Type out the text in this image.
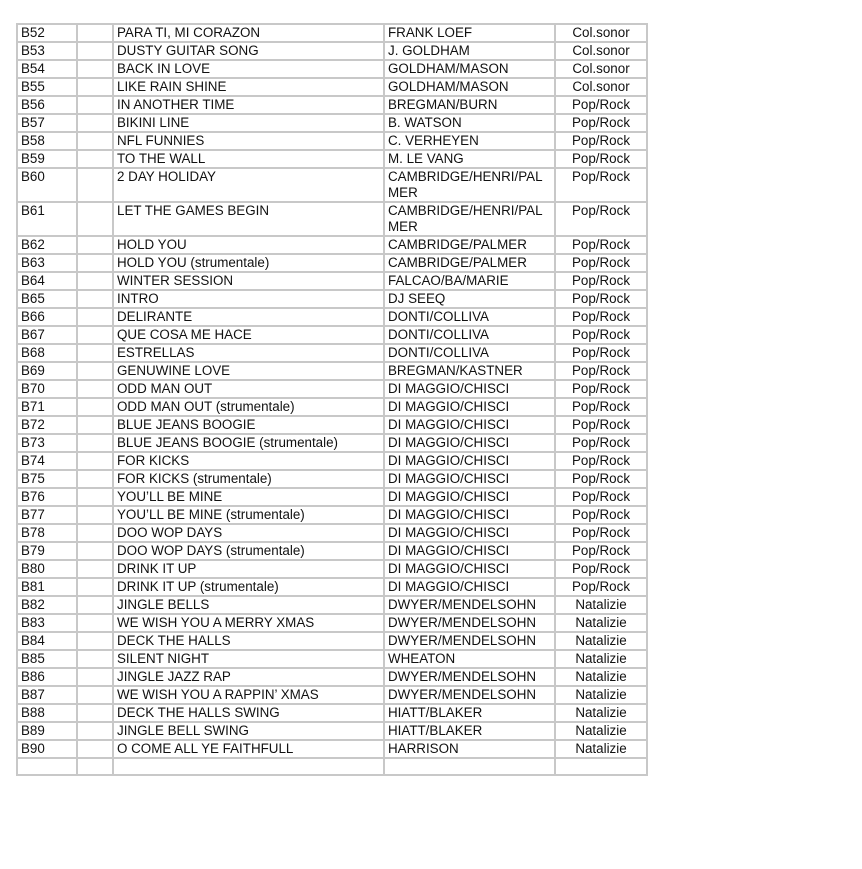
B52		PARA TI, MI CORAZON	FRANK LOEF	Col.sonor
B53		DUSTY GUITAR SONG	J. GOLDHAM	Col.sonor
B54		BACK IN LOVE	GOLDHAM/MASON	Col.sonor
B55		LIKE RAIN SHINE	GOLDHAM/MASON	Col.sonor
B56		IN ANOTHER TIME	BREGMAN/BURN	Pop/Rock
B57		BIKINI LINE	B. WATSON	Pop/Rock
B58		NFL FUNNIES	C. VERHEYEN	Pop/Rock
B59		TO THE WALL	M. LE VANG	Pop/Rock
B60		2 DAY HOLIDAY	CAMBRIDGE/HENRI/PALMER	Pop/Rock
B61		LET THE GAMES BEGIN	CAMBRIDGE/HENRI/PALMER	Pop/Rock
B62		HOLD YOU	CAMBRIDGE/PALMER	Pop/Rock
B63		HOLD YOU (strumentale)	CAMBRIDGE/PALMER	Pop/Rock
B64		WINTER SESSION	FALCAO/BA/MARIE	Pop/Rock
B65		INTRO	DJ SEEQ	Pop/Rock
B66		DELIRANTE	DONTI/COLLIVA	Pop/Rock
B67		QUE COSA ME HACE	DONTI/COLLIVA	Pop/Rock
B68		ESTRELLAS	DONTI/COLLIVA	Pop/Rock
B69		GENUWINE LOVE	BREGMAN/KASTNER	Pop/Rock
B70		ODD MAN OUT	DI MAGGIO/CHISCI	Pop/Rock
B71		ODD MAN OUT (strumentale)	DI MAGGIO/CHISCI	Pop/Rock
B72		BLUE JEANS BOOGIE	DI MAGGIO/CHISCI	Pop/Rock
B73		BLUE JEANS BOOGIE (strumentale)	DI MAGGIO/CHISCI	Pop/Rock
B74		FOR KICKS	DI MAGGIO/CHISCI	Pop/Rock
B75		FOR KICKS (strumentale)	DI MAGGIO/CHISCI	Pop/Rock
B76		YOU’LL BE MINE	DI MAGGIO/CHISCI	Pop/Rock
B77		YOU’LL BE MINE (strumentale)	DI MAGGIO/CHISCI	Pop/Rock
B78		DOO WOP DAYS	DI MAGGIO/CHISCI	Pop/Rock
B79		DOO WOP DAYS (strumentale)	DI MAGGIO/CHISCI	Pop/Rock
B80		DRINK IT UP	DI MAGGIO/CHISCI	Pop/Rock
B81		DRINK IT UP (strumentale)	DI MAGGIO/CHISCI	Pop/Rock
B82		JINGLE BELLS	DWYER/MENDELSOHN	Natalizie
B83		WE WISH YOU A MERRY XMAS	DWYER/MENDELSOHN	Natalizie
B84		DECK THE HALLS	DWYER/MENDELSOHN	Natalizie
B85		SILENT NIGHT	WHEATON	Natalizie
B86		JINGLE JAZZ RAP	DWYER/MENDELSOHN	Natalizie
B87		WE WISH YOU A RAPPIN’ XMAS	DWYER/MENDELSOHN	Natalizie
B88		DECK THE HALLS SWING	HIATT/BLAKER	Natalizie
B89		JINGLE BELL SWING	HIATT/BLAKER	Natalizie
B90		O COME ALL YE FAITHFULL	HARRISON	Natalizie
